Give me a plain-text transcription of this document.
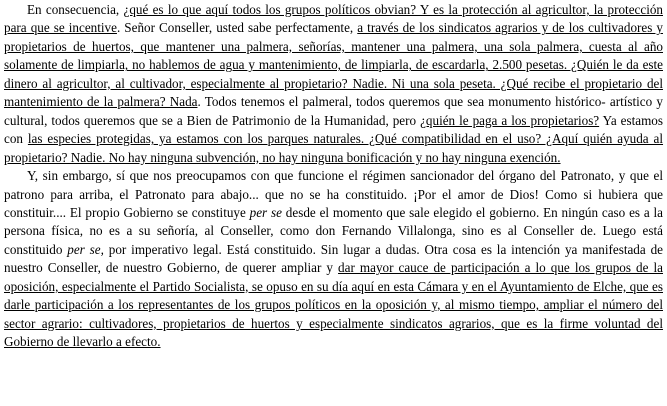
En consecuencia, ¿qué es lo que aquí todos los grupos políticos obvian? Y es la protección al agricultor, la protección para que se incentive. Señor Conseller, usted sabe perfectamente, a través de los sindicatos agrarios y de los cultivadores y propietarios de huertos, que mantener una palmera, señorías, mantener una palmera, una sola palmera, cuesta al año solamente de limpiarla, no hablemos de agua y mantenimiento, de limpiarla, de escardarla, 2.500 pesetas. ¿Quién le da este dinero al agricultor, al cultivador, especialmente al propietario? Nadie. Ni una sola peseta. ¿Qué recibe el propietario del mantenimiento de la palmera? Nada. Todos tenemos el palmeral, todos queremos que sea monumento histórico- artístico y cultural, todos queremos que se a Bien de Patrimonio de la Humanidad, pero ¿quién le paga a los propietarios? Ya estamos con las especies protegidas, ya estamos con los parques naturales. ¿Qué compatibilidad en el uso? ¿Aquí quién ayuda al propietario? Nadie. No hay ninguna subvención, no hay ninguna bonificación y no hay ninguna exención.

Y, sin embargo, sí que nos preocupamos con que funcione el régimen sancionador del órgano del Patronato, y que el patrono para arriba, el Patronato para abajo... que no se ha constituido. ¡Por el amor de Dios! Como si hubiera que constituir.... El propio Gobierno se constituye per se desde el momento que sale elegido el gobierno. En ningún caso es a la persona física, no es a su señoría, al Conseller, como don Fernando Villalonga, sino es al Conseller de. Luego está constituido per se, por imperativo legal. Está constituido. Sin lugar a dudas. Otra cosa es la intención ya manifestada de nuestro Conseller, de nuestro Gobierno, de querer ampliar y dar mayor cauce de participación a lo que los grupos de la oposición, especialmente el Partido Socialista, se opuso en su día aquí en esta Cámara y en el Ayuntamiento de Elche, que es darle participación a los representantes de los grupos políticos en la oposición y, al mismo tiempo, ampliar el número del sector agrario: cultivadores, propietarios de huertos y especialmente sindicatos agrarios, que es la firme voluntad del Gobierno de llevarlo a efecto.
